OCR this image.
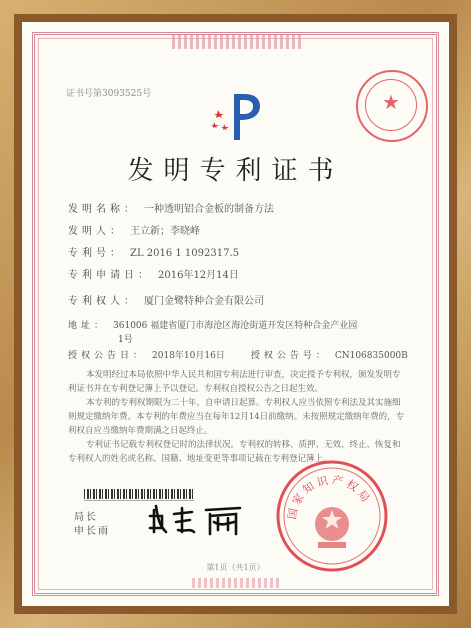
证书号第3093525号	★
发明专利证书
发明名称： 一种透明铝合金板的制备方法
发明人： 王立新；李晓峰
专利号： ZL 2016 1 1092317.5
专利申请日： 2016年12月14日
专利权人： 厦门金鹭特种合金有限公司
地址： 361006 福建省厦门市海沧区海沧街道开发区特种合金产业园
1号
授权公告日： 2018年10月16日	授权公告号： CN106835000B

本发明经过本局依照中华人民共和国专利法进行审查，决定授予专利权，颁发发明专利证书并在专利登记簿上予以登记。专利权自授权公告之日起生效。

本专利的专利权期限为二十年，自申请日起算。专利权人应当依照专利法及其实施细则规定缴纳年费。本专利的年费应当在每年12月14日前缴纳。未按照规定缴纳年费的，专利权自应当缴纳年费期满之日起终止。

专利证书记载专利权登记时的法律状况。专利权的转移、质押、无效、终止、恢复和专利权人的姓名或名称、国籍、地址变更等事项记载在专利登记簿上。

局长
申长雨
国家知识产权局
第1页（共1页）
